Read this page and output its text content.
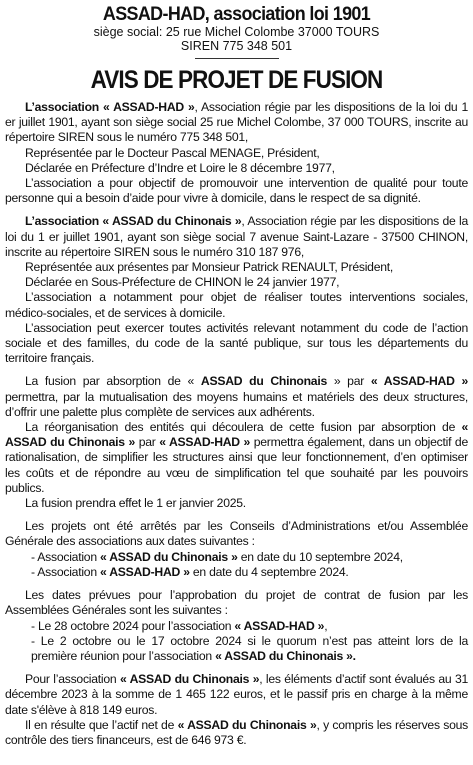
ASSAD-HAD, association loi 1901
siège social: 25 rue Michel Colombe 37000 TOURS
SIREN 775 348 501
AVIS DE PROJET DE FUSION

L’association « ASSAD-HAD », Association régie par les dispositions de la loi du 1 er juillet 1901, ayant son siège social 25 rue Michel Colombe, 37 000 TOURS, inscrite au répertoire SIREN sous le numéro 775 348 501,

Représentée par le Docteur Pascal MENAGE, Président,

Déclarée en Préfecture d’Indre et Loire le 8 décembre 1977,

L’association a pour objectif de promouvoir une intervention de qualité pour toute personne qui a besoin d’aide pour vivre à domicile, dans le respect de sa dignité.

L’association « ASSAD du Chinonais », Association régie par les dispositions de la loi du 1 er juillet 1901, ayant son siège social 7 avenue Saint-Lazare - 37500 CHINON, inscrite au répertoire SIREN sous le numéro 310 187 976,

Représentée aux présentes par Monsieur Patrick RENAULT, Président,

Déclarée en Sous-Préfecture de CHINON le 24 janvier 1977,

L’association a notamment pour objet de réaliser toutes interventions sociales, médico-sociales, et de services à domicile.

L’association peut exercer toutes activités relevant notamment du code de l’action sociale et des familles, du code de la santé publique, sur tous les départements du territoire français.

La fusion par absorption de « ASSAD du Chinonais » par « ASSAD-HAD » permettra, par la mutualisation des moyens humains et matériels des deux structures, d’offrir une palette plus complète de services aux adhérents.

La réorganisation des entités qui découlera de cette fusion par absorption de « ASSAD du Chinonais » par « ASSAD-HAD » permettra également, dans un objectif de rationalisation, de simplifier les structures ainsi que leur fonctionnement, d’en optimiser les coûts et de répondre au vœu de simplification tel que souhaité par les pouvoirs publics.

La fusion prendra effet le 1 er janvier 2025.

Les projets ont été arrêtés par les Conseils d’Administrations et/ou Assemblée Générale des associations aux dates suivantes :

- Association « ASSAD du Chinonais » en date du 10 septembre 2024,

- Association « ASSAD-HAD » en date du 4 septembre 2024.

Les dates prévues pour l’approbation du projet de contrat de fusion par les Assemblées Générales sont les suivantes :

- Le 28 octobre 2024 pour l’association « ASSAD-HAD »,

- Le 2 octobre ou le 17 octobre 2024 si le quorum n’est pas atteint lors de la première réunion pour l’association « ASSAD du Chinonais ».

Pour l’association « ASSAD du Chinonais », les éléments d’actif sont évalués au 31 décembre 2023 à la somme de 1 465 122 euros, et le passif pris en charge à la même date s'élève à 818 149 euros.

Il en résulte que l’actif net de « ASSAD du Chinonais », y compris les réserves sous contrôle des tiers financeurs, est de 646 973 €.
